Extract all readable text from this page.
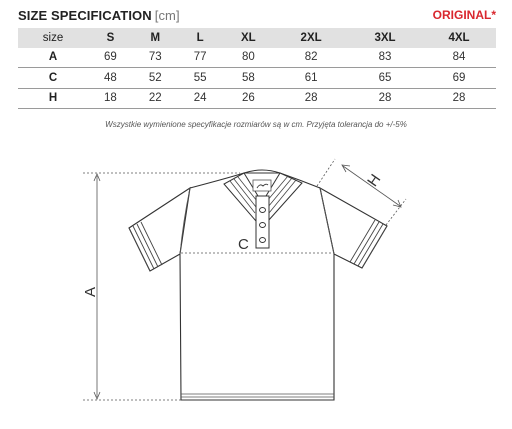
SIZE SPECIFICATION [cm]	ORIGINAL*
size	S	M	L	XL	2XL	3XL	4XL
A	69	73	77	80	82	83	84
C	48	52	55	58	61	65	69
H	18	22	24	26	28	28	28
Wszystkie wymienione specyfikacje rozmiarów są w cm. Przyjęta tolerancja do +/-5%
C
A
H
